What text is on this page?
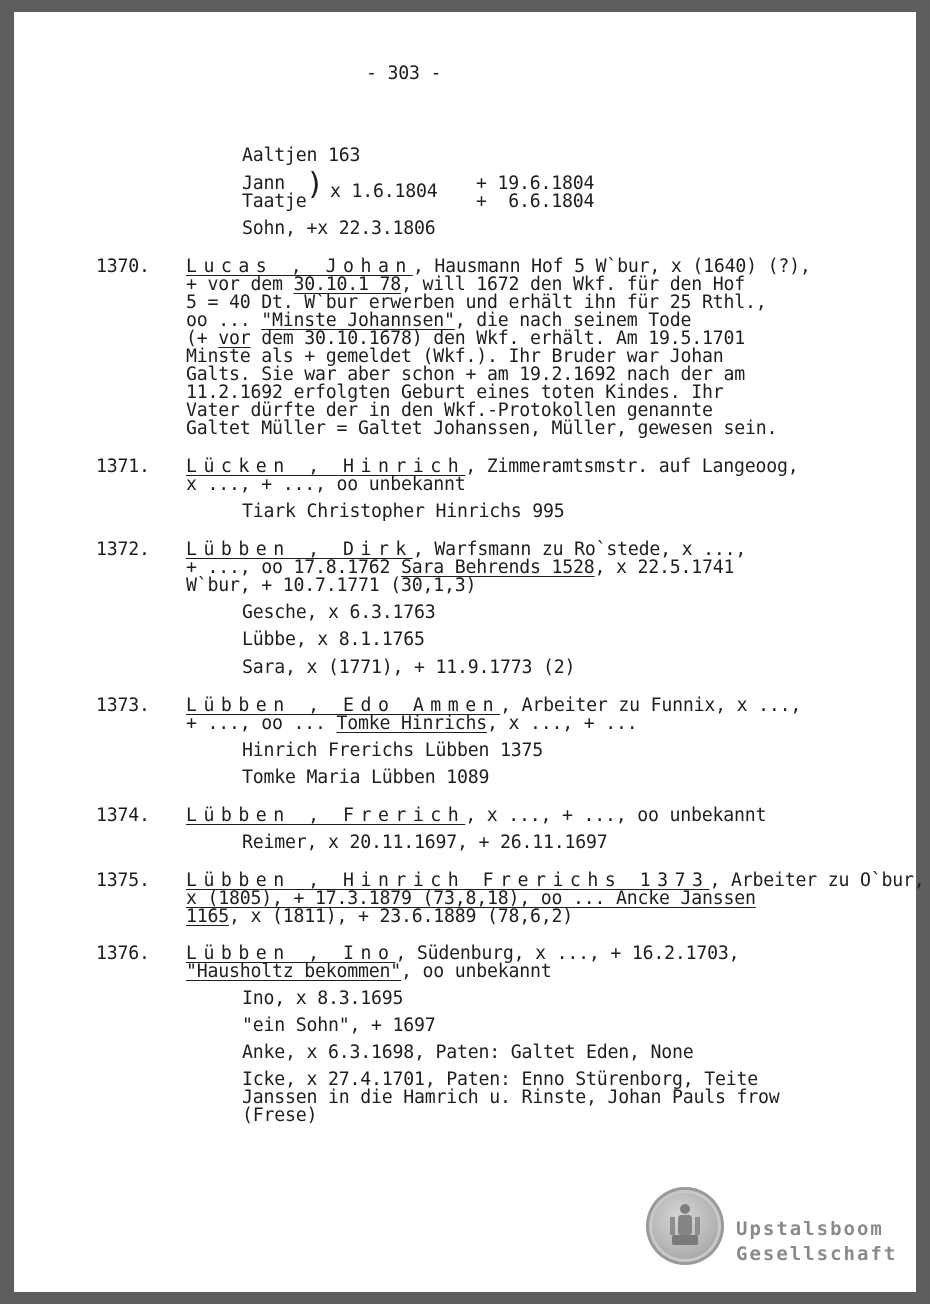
- 303 -
Aaltjen 163
Jann
Taatje ) x 1.6.1804 + 19.6.1804
+  6.6.1804
Sohn, +x 22.3.1806
1370. Lucas , Johan, Hausmann Hof 5 W`bur, x (1640) (?),
+ vor dem 30.10.1 78, will 1672 den Wkf. für den Hof
5 = 40 Dt. W`bur erwerben und erhält ihn für 25 Rthl.,
oo ... "Minste Johannsen", die nach seinem Tode
(+ vor dem 30.10.1678) den Wkf. erhält. Am 19.5.1701
Minste als + gemeldet (Wkf.). Ihr Bruder war Johan
Galts. Sie war aber schon + am 19.2.1692 nach der am
11.2.1692 erfolgten Geburt eines toten Kindes. Ihr
Vater dürfte der in den Wkf.-Protokollen genannte
Galtet Müller = Galtet Johanssen, Müller, gewesen sein.
1371. Lücken , Hinrich, Zimmeramtsmstr. auf Langeoog,
x ..., + ..., oo unbekannt
Tiark Christopher Hinrichs 995
1372. Lübben , Dirk, Warfsmann zu Ro`stede, x ...,
+ ..., oo 17.8.1762 Sara Behrends 1528, x 22.5.1741
W`bur, + 10.7.1771 (30,1,3)
Gesche, x 6.3.1763
Lübbe, x 8.1.1765
Sara, x (1771), + 11.9.1773 (2)
1373. Lübben , Edo Ammen, Arbeiter zu Funnix, x ...,
+ ..., oo ... Tomke Hinrichs, x ..., + ...
Hinrich Frerichs Lübben 1375
Tomke Maria Lübben 1089
1374. Lübben , Frerich, x ..., + ..., oo unbekannt
Reimer, x 20.11.1697, + 26.11.1697
1375. Lübben , Hinrich Frerichs 1373, Arbeiter zu O`bur,
x (1805), + 17.3.1879 (73,8,18), oo ... Ancke Janssen
1165, x (1811), + 23.6.1889 (78,6,2)
1376. Lübben , Ino, Südenburg, x ..., + 16.2.1703,
"Hausholtz bekommen", oo unbekannt
Ino, x 8.3.1695
"ein Sohn", + 1697
Anke, x 6.3.1698, Paten: Galtet Eden, None
Icke, x 27.4.1701, Paten: Enno Stürenborg, Teite
Janssen in die Hamrich u. Rinste, Johan Pauls frow
(Frese)
Upstalsboom
Gesellschaft
